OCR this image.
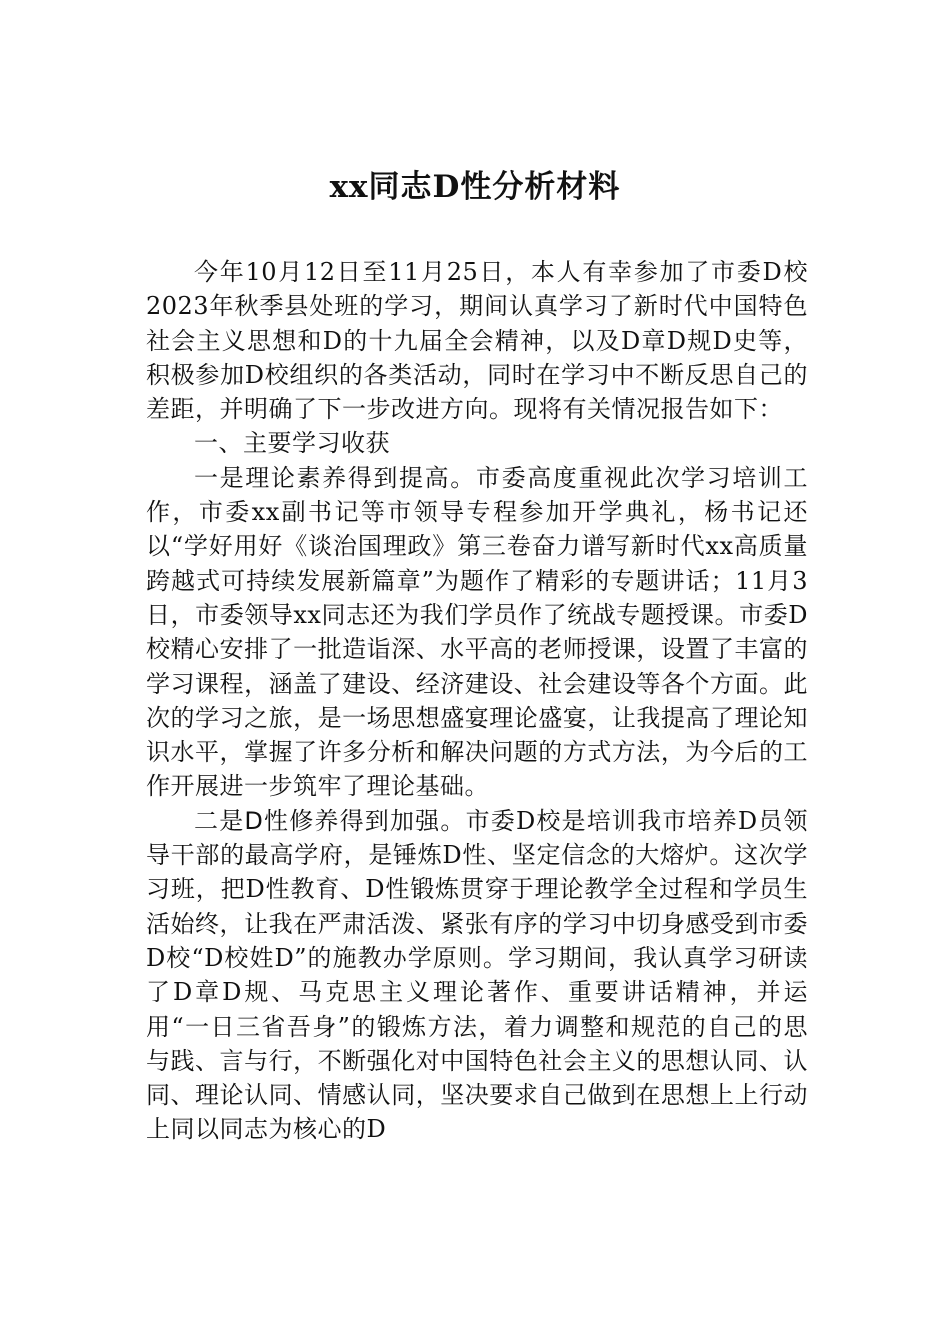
xx同志D性分析材料

今年10月12日至11月25日，本人有幸参加了市委D校2023年秋季县处班的学习，期间认真学习了新时代中国特色社会主义思想和D的十九届全会精神，以及D章D规D史等，积极参加D校组织的各类活动，同时在学习中不断反思自己的差距，并明确了下一步改进方向。现将有关情况报告如下：

一、主要学习收获

一是理论素养得到提高。市委高度重视此次学习培训工作，市委xx副书记等市领导专程参加开学典礼，杨书记还以“学好用好《谈治国理政》第三卷奋力谱写新时代xx高质量跨越式可持续发展新篇章”为题作了精彩的专题讲话；11月3日，市委领导xx同志还为我们学员作了统战专题授课。市委D校精心安排了一批造诣深、水平高的老师授课，设置了丰富的学习课程，涵盖了建设、经济建设、社会建设等各个方面。此次的学习之旅，是一场思想盛宴理论盛宴，让我提高了理论知识水平，掌握了许多分析和解决问题的方式方法，为今后的工作开展进一步筑牢了理论基础。

二是D性修养得到加强。市委D校是培训我市培养D员领导干部的最高学府，是锤炼D性、坚定信念的大熔炉。这次学习班，把D性教育、D性锻炼贯穿于理论教学全过程和学员生活始终，让我在严肃活泼、紧张有序的学习中切身感受到市委D校“D校姓D”的施教办学原则。学习期间，我认真学习研读了D章D规、马克思主义理论著作、重要讲话精神，并运用“一日三省吾身”的锻炼方法，着力调整和规范的自己的思与践、言与行，不断强化对中国特色社会主义的思想认同、认同、理论认同、情感认同，坚决要求自己做到在思想上上行动上同以同志为核心的D
